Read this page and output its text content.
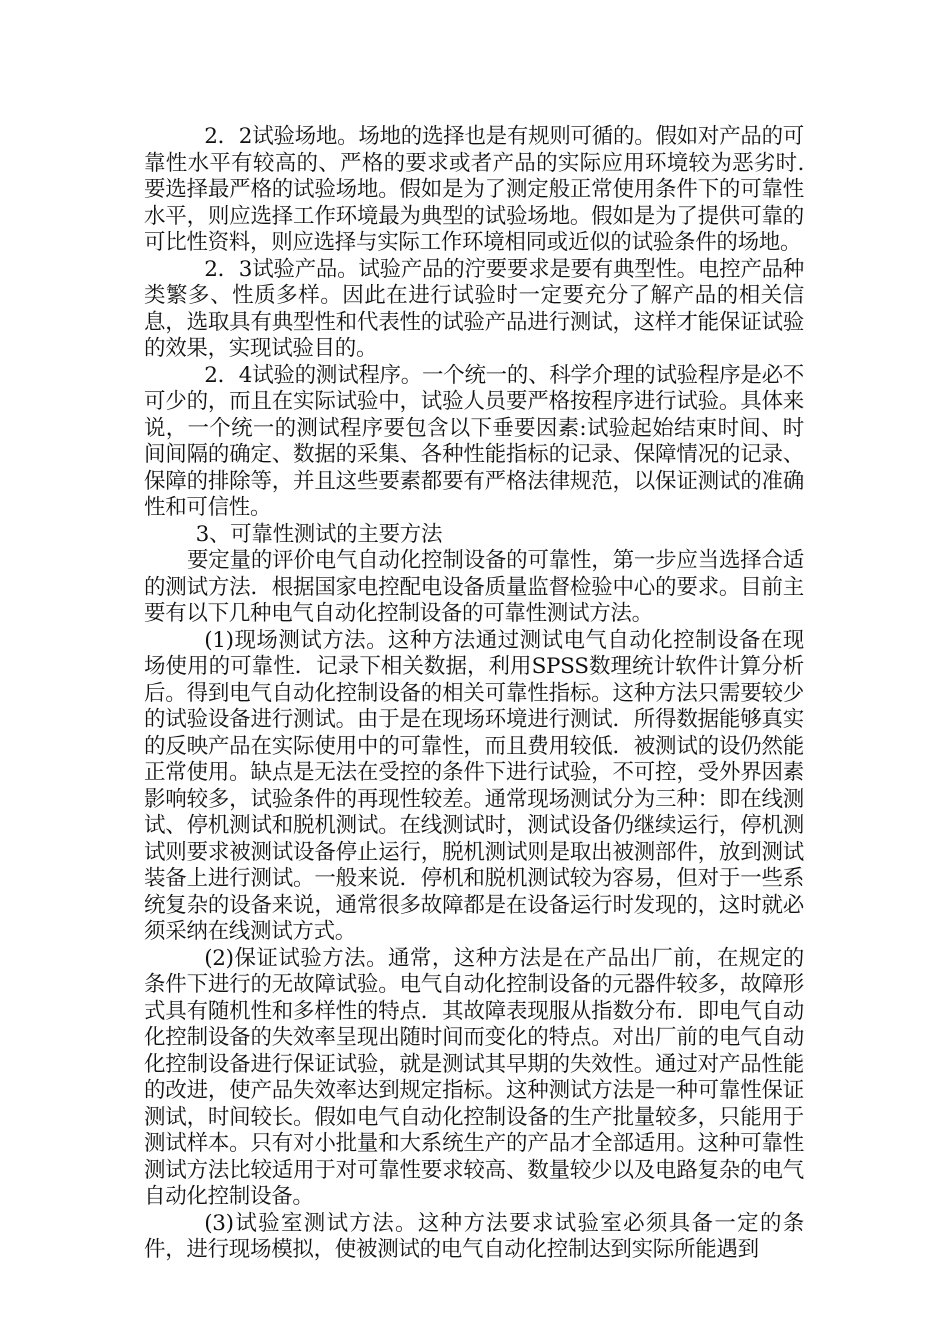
2．2试验场地。场地的选择也是有规则可循的。假如对产品的可靠性水平有较高的、严格的要求或者产品的实际应用环境较为恶劣时.要选择最严格的试验场地。假如是为了测定般正常使用条件下的可靠性水平，则应选择工作环境最为典型的试验场地。假如是为了提供可靠的可比性资料，则应选择与实际工作环境相同或近似的试验条件的场地。

2．3试验产品。试验产品的泞要要求是要有典型性。电控产品种类繁多、性质多样。因此在进行试验时一定要充分了解产品的相关信息，选取具有典型性和代表性的试验产品进行测试，这样才能保证试验的效果，实现试验目的。

2．4试验的测试程序。一个统一的、科学介理的试验程序是必不可少的，而且在实际试验中，试验人员要严格按程序进行试验。具体来说，一个统一的测试程序要包含以下垂要因素:试验起始结束时间、时间间隔的确定、数据的采集、各种性能指标的记录、保障情况的记录、保障的排除等，并且这些要素都要有严格法律规范，以保证测试的准确性和可信性。

3、可靠性测试的主要方法

要定量的评价电气自动化控制设备的可靠性，第一步应当选择合适的测试方法．根据国家电控配电设备质量监督检验中心的要求。目前主要有以下几种电气自动化控制设备的可靠性测试方法。

(1)现场测试方法。这种方法通过测试电气自动化控制设备在现场使用的可靠性．记录下相关数据，利用SPSS数理统计软件计算分析后。得到电气自动化控制设备的相关可靠性指标。这种方法只需要较少的试验设备进行测试。由于是在现场环境进行测试．所得数据能够真实的反映产品在实际使用中的可靠性，而且费用较低．被测试的设仍然能正常使用。缺点是无法在受控的条件下进行试验，不可控，受外界因素影响较多，试验条件的再现性较差。通常现场测试分为三种：即在线测试、停机测试和脱机测试。在线测试时，测试设备仍继续运行，停机测试则要求被测试设备停止运行，脱机测试则是取出被测部件，放到测试装备上进行测试。一般来说．停机和脱机测试较为容易，但对于一些系统复杂的设备来说，通常很多故障都是在设备运行时发现的，这时就必须采纳在线测试方式。

(2)保证试验方法。通常，这种方法是在产品出厂前，在规定的条件下进行的无故障试验。电气自动化控制设备的元器件较多，故障形式具有随机性和多样性的特点．其故障表现服从指数分布．即电气自动化控制设备的失效率呈现出随时间而变化的特点。对出厂前的电气自动化控制设备进行保证试验，就是测试其早期的失效性。通过对产品性能的改进，使产品失效率达到规定指标。这种测试方法是一种可靠性保证测试，时间较长。假如电气自动化控制设备的生产批量较多，只能用于测试样本。只有对小批量和大系统生产的产品才全部适用。这种可靠性测试方法比较适用于对可靠性要求较高、数量较少以及电路复杂的电气自动化控制设备。

(3)试验室测试方法。这种方法要求试验室必须具备一定的条件，进行现场模拟，使被测试的电气自动化控制达到实际所能遇到
